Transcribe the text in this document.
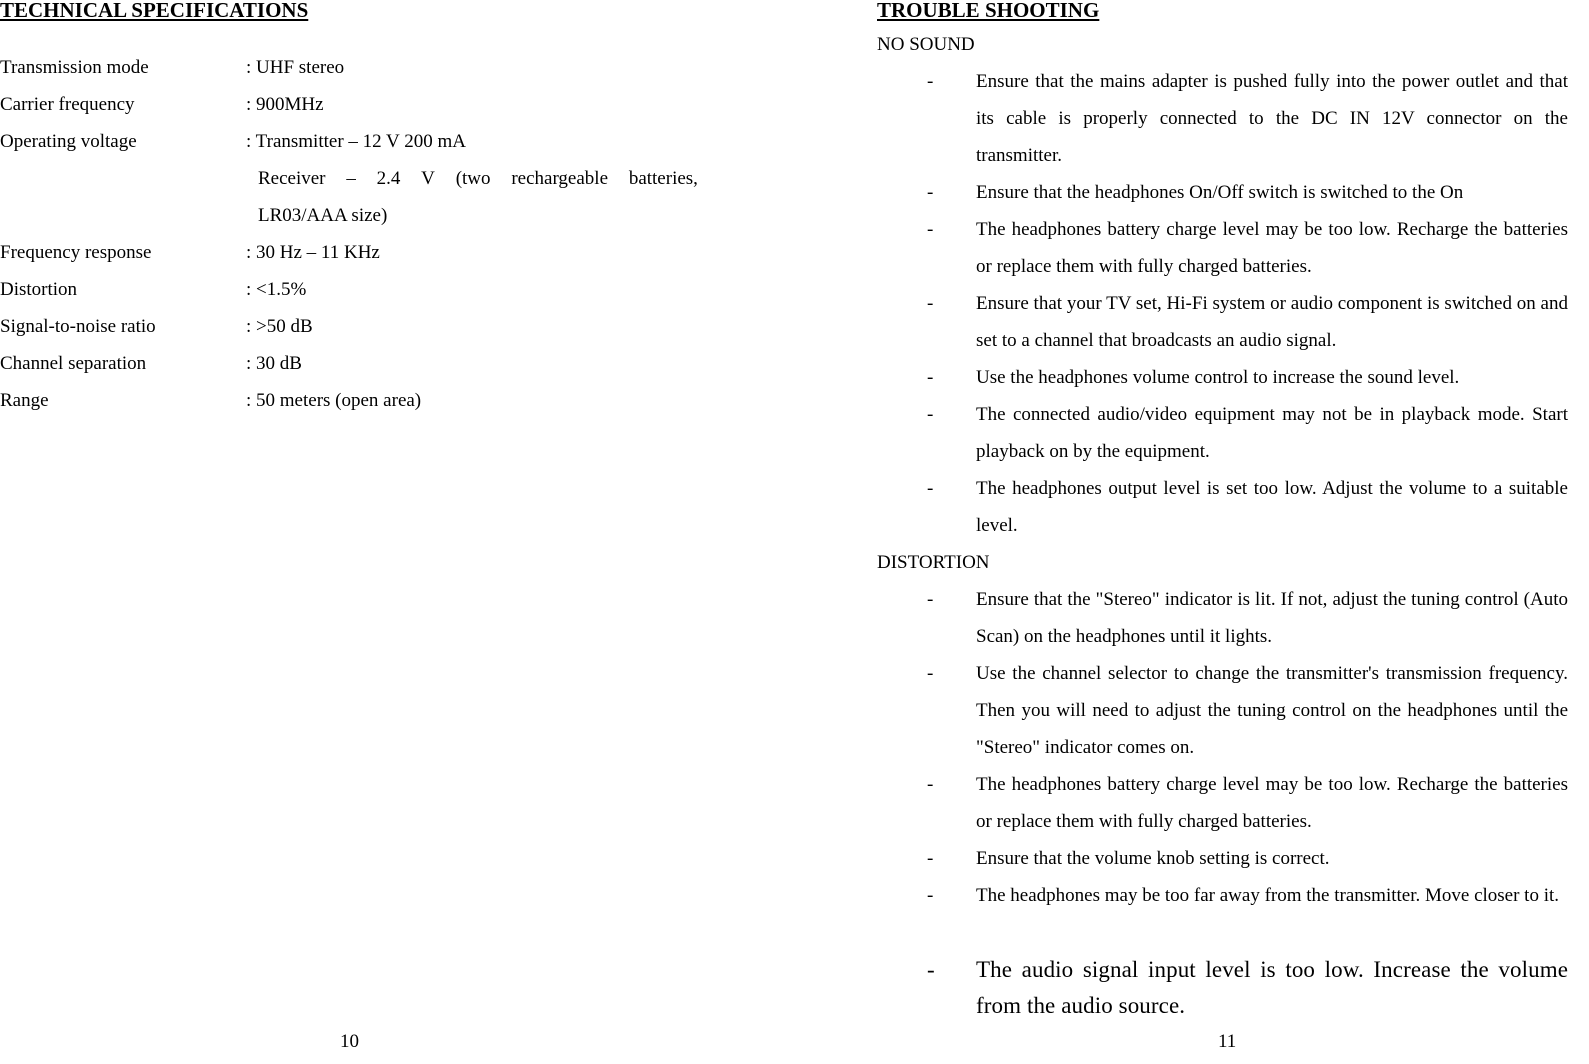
TECHNICAL SPECIFICATIONS
Transmission mode	: UHF stereo
Carrier frequency	: 900MHz
Operating voltage	: Transmitter – 12 V 200 mA
Receiver – 2.4 V (two rechargeable batteries,
LR03/AAA size)
Frequency response	: 30 Hz – 11 KHz
Distortion	: <1.5%
Signal-to-noise ratio	: >50 dB
Channel separation	: 30 dB
Range	: 50 meters (open area)
10
TROUBLE SHOOTING
NO SOUND
- Ensure that the mains adapter is pushed fully into the power outlet and that its cable is properly connected to the DC IN 12V connector on the transmitter.
- Ensure that the headphones On/Off switch is switched to the On
- The headphones battery charge level may be too low. Recharge the batteries or replace them with fully charged batteries.
- Ensure that your TV set, Hi-Fi system or audio component is switched on and set to a channel that broadcasts an audio signal.
- Use the headphones volume control to increase the sound level.
- The connected audio/video equipment may not be in playback mode. Start playback on by the equipment.
- The headphones output level is set too low. Adjust the volume to a suitable level.
DISTORTION
- Ensure that the "Stereo" indicator is lit. If not, adjust the tuning control (Auto Scan) on the headphones until it lights.
- Use the channel selector to change the transmitter's transmission frequency. Then you will need to adjust the tuning control on the headphones until the "Stereo" indicator comes on.
- The headphones battery charge level may be too low. Recharge the batteries or replace them with fully charged batteries.
- Ensure that the volume knob setting is correct.
- The headphones may be too far away from the transmitter. Move closer to it.
- The audio signal input level is too low. Increase the volume from the audio source.
11
